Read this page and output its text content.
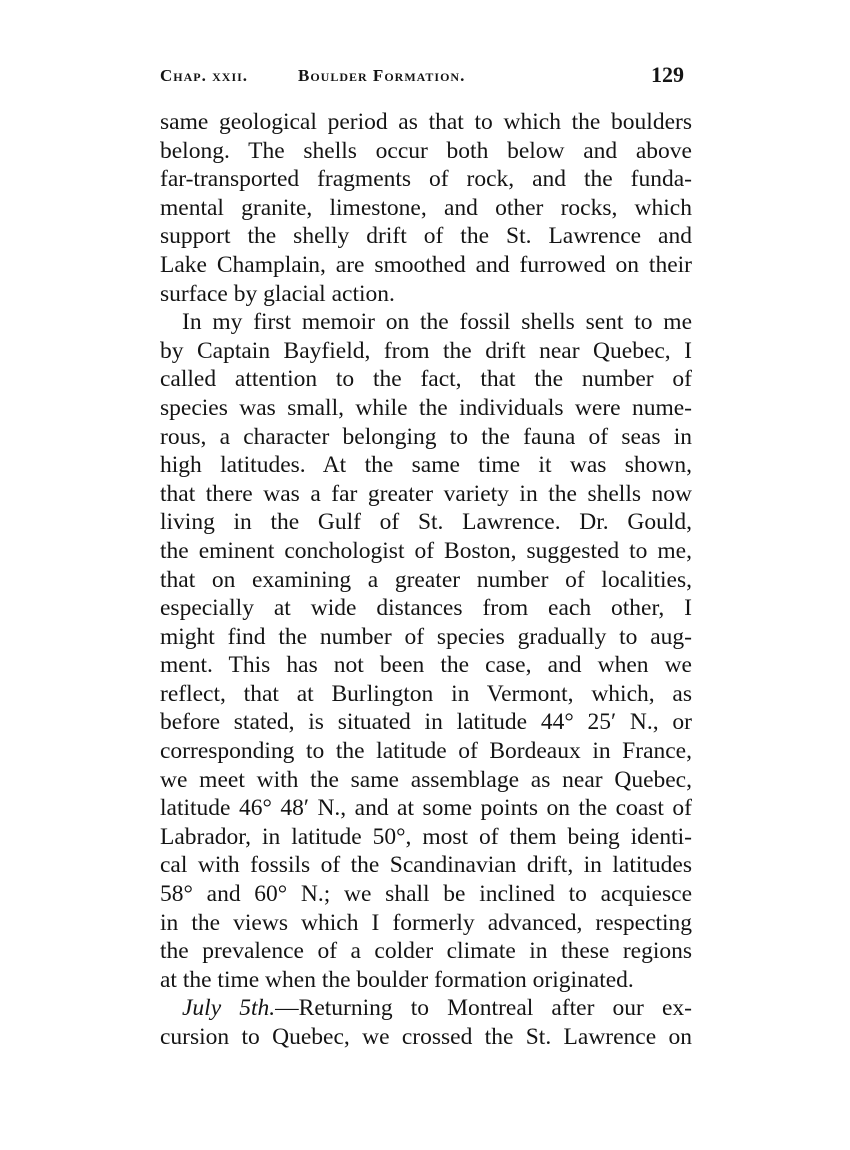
Chap. xxii.	Boulder Formation.	129
same geological period as that to which the boulders
belong. The shells occur both below and above
far-transported fragments of rock, and the funda-
mental granite, limestone, and other rocks, which
support the shelly drift of the St. Lawrence and
Lake Champlain, are smoothed and furrowed on their
surface by glacial action.
In my first memoir on the fossil shells sent to me
by Captain Bayfield, from the drift near Quebec, I
called attention to the fact, that the number of
species was small, while the individuals were nume-
rous, a character belonging to the fauna of seas in
high latitudes. At the same time it was shown,
that there was a far greater variety in the shells now
living in the Gulf of St. Lawrence. Dr. Gould,
the eminent conchologist of Boston, suggested to me,
that on examining a greater number of localities,
especially at wide distances from each other, I
might find the number of species gradually to aug-
ment. This has not been the case, and when we
reflect, that at Burlington in Vermont, which, as
before stated, is situated in latitude 44° 25′ N., or
corresponding to the latitude of Bordeaux in France,
we meet with the same assemblage as near Quebec,
latitude 46° 48′ N., and at some points on the coast of
Labrador, in latitude 50°, most of them being identi-
cal with fossils of the Scandinavian drift, in latitudes
58° and 60° N.; we shall be inclined to acquiesce
in the views which I formerly advanced, respecting
the prevalence of a colder climate in these regions
at the time when the boulder formation originated.
July 5th.—Returning to Montreal after our ex-
cursion to Quebec, we crossed the St. Lawrence on
